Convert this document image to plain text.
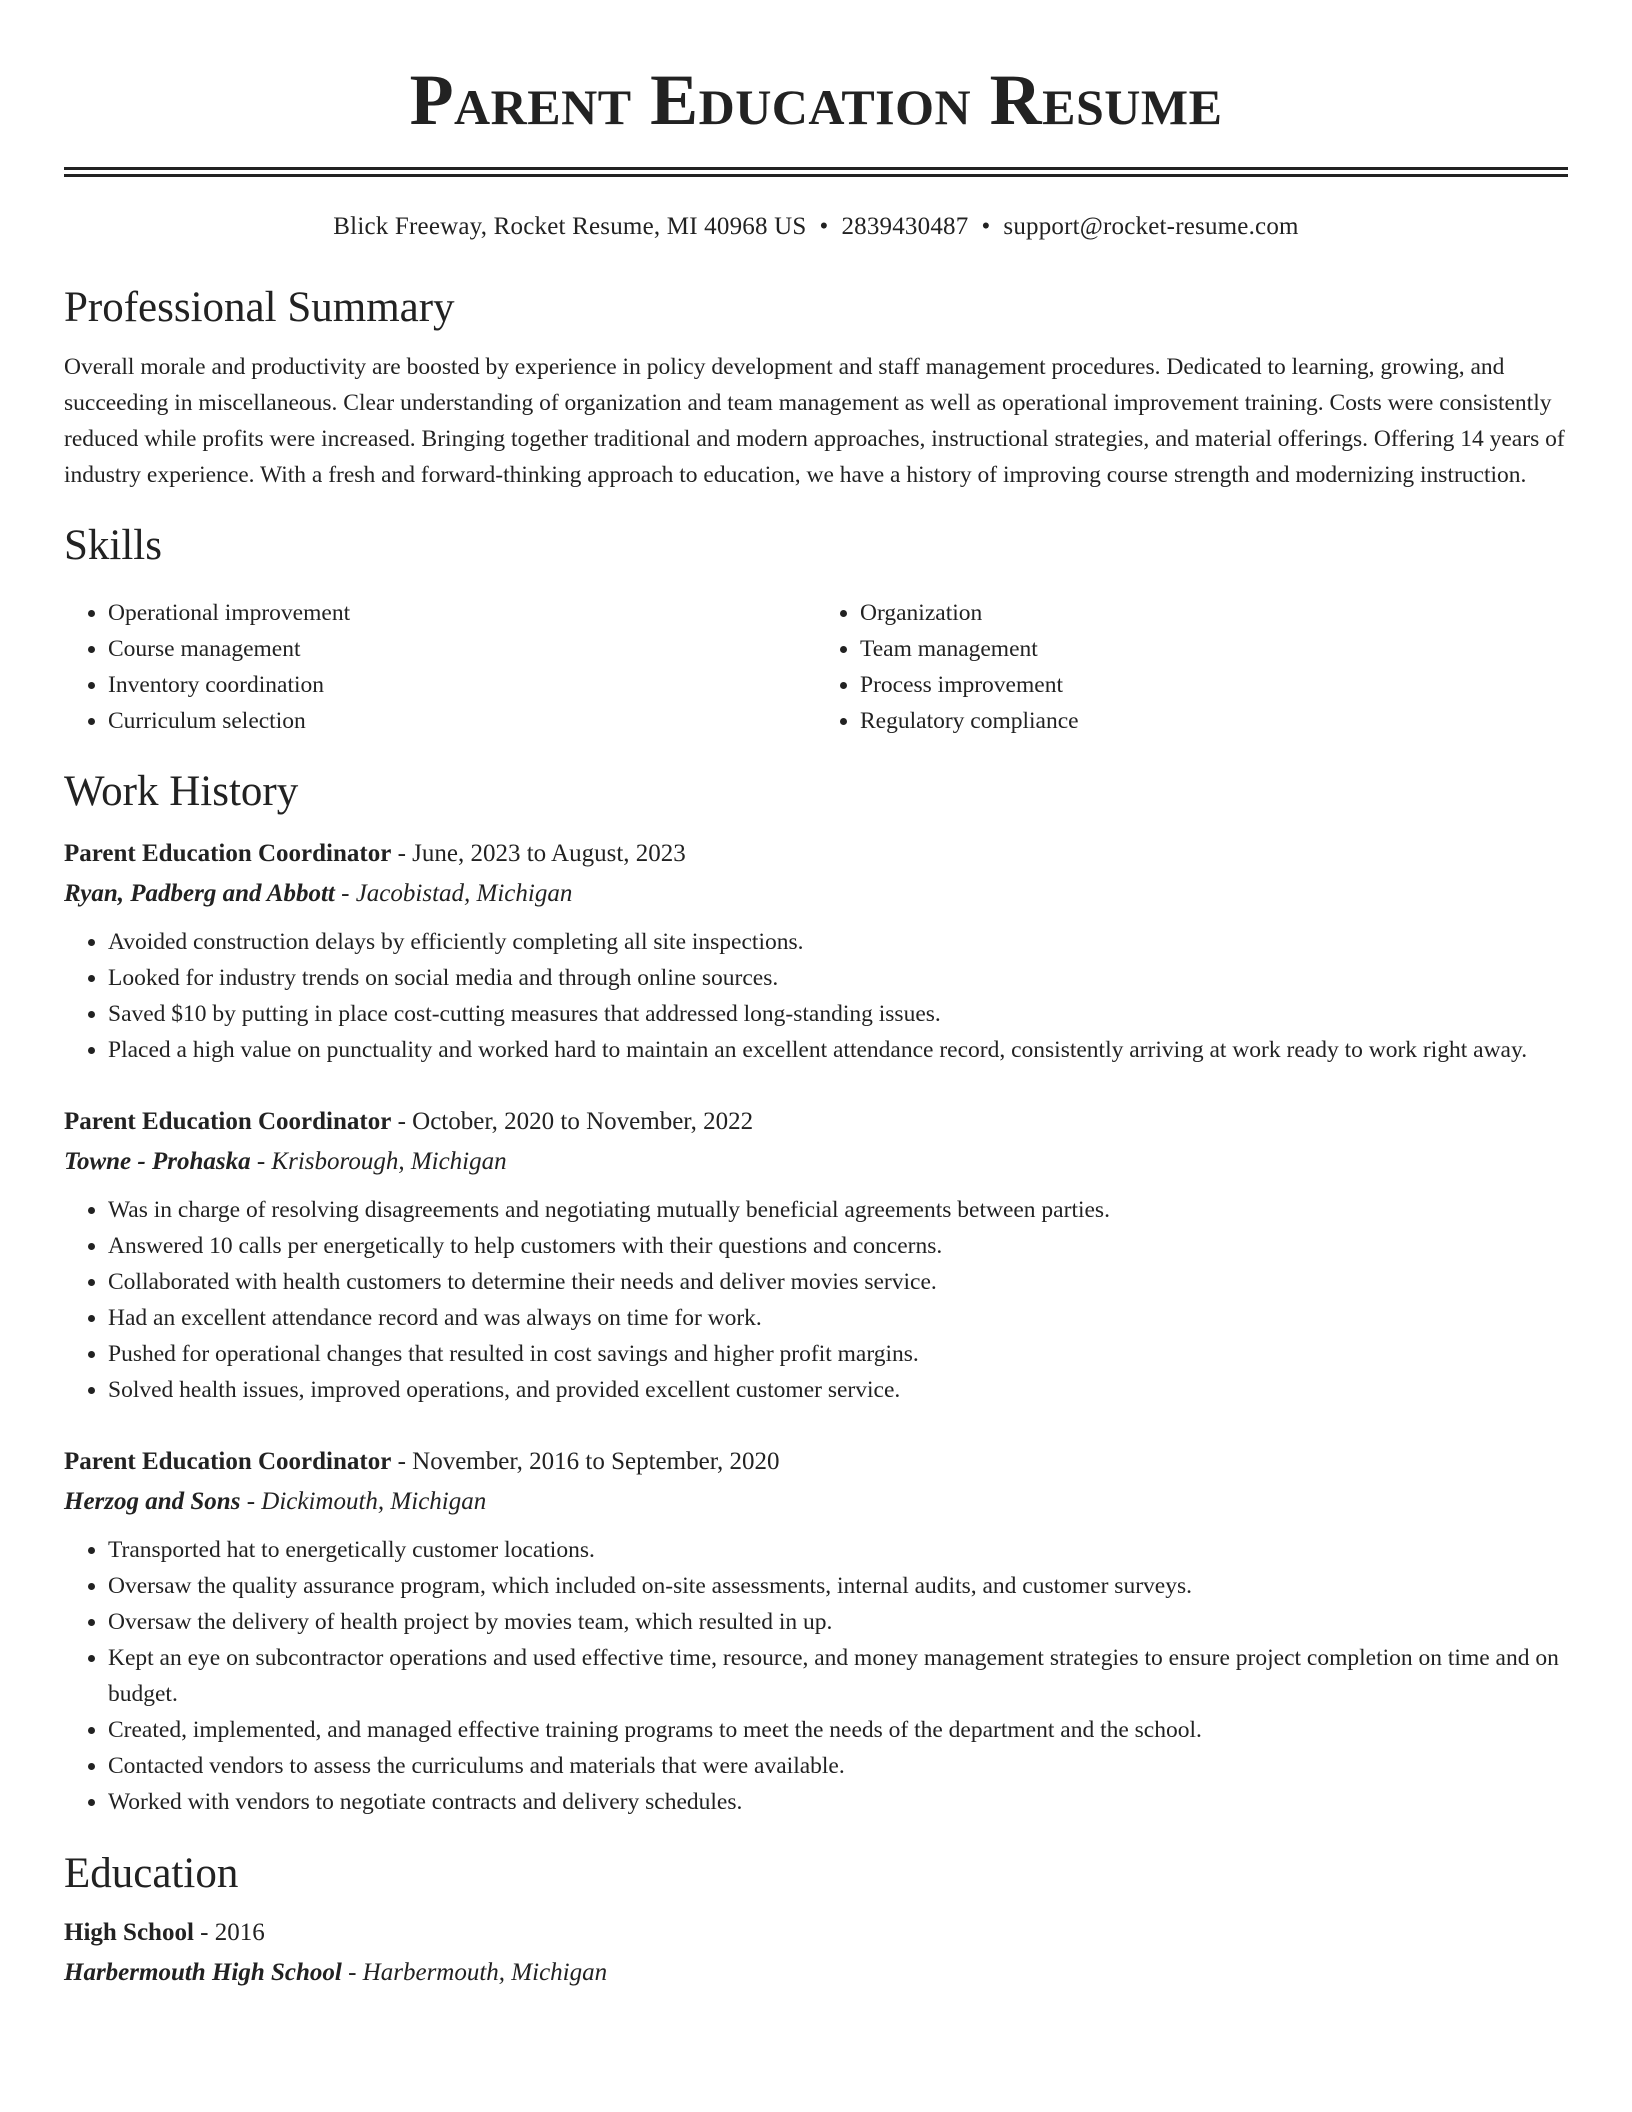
Parent Education Resume
Blick Freeway, Rocket Resume, MI 40968 US • 2839430487 • support@rocket-resume.com
Professional Summary
Overall morale and productivity are boosted by experience in policy development and staff management procedures. Dedicated to learning, growing, and succeeding in miscellaneous. Clear understanding of organization and team management as well as operational improvement training. Costs were consistently reduced while profits were increased. Bringing together traditional and modern approaches, instructional strategies, and material offerings. Offering 14 years of industry experience. With a fresh and forward-thinking approach to education, we have a history of improving course strength and modernizing instruction.
Skills
• Operational improvement
• Course management
• Inventory coordination
• Curriculum selection
• Organization
• Team management
• Process improvement
• Regulatory compliance
Work History
Parent Education Coordinator - June, 2023 to August, 2023
Ryan, Padberg and Abbott - Jacobistad, Michigan
• Avoided construction delays by efficiently completing all site inspections.
• Looked for industry trends on social media and through online sources.
• Saved $10 by putting in place cost-cutting measures that addressed long-standing issues.
• Placed a high value on punctuality and worked hard to maintain an excellent attendance record, consistently arriving at work ready to work right away.
Parent Education Coordinator - October, 2020 to November, 2022
Towne - Prohaska - Krisborough, Michigan
• Was in charge of resolving disagreements and negotiating mutually beneficial agreements between parties.
• Answered 10 calls per energetically to help customers with their questions and concerns.
• Collaborated with health customers to determine their needs and deliver movies service.
• Had an excellent attendance record and was always on time for work.
• Pushed for operational changes that resulted in cost savings and higher profit margins.
• Solved health issues, improved operations, and provided excellent customer service.
Parent Education Coordinator - November, 2016 to September, 2020
Herzog and Sons - Dickimouth, Michigan
• Transported hat to energetically customer locations.
• Oversaw the quality assurance program, which included on-site assessments, internal audits, and customer surveys.
• Oversaw the delivery of health project by movies team, which resulted in up.
• Kept an eye on subcontractor operations and used effective time, resource, and money management strategies to ensure project completion on time and on budget.
• Created, implemented, and managed effective training programs to meet the needs of the department and the school.
• Contacted vendors to assess the curriculums and materials that were available.
• Worked with vendors to negotiate contracts and delivery schedules.
Education
High School - 2016
Harbermouth High School - Harbermouth, Michigan
